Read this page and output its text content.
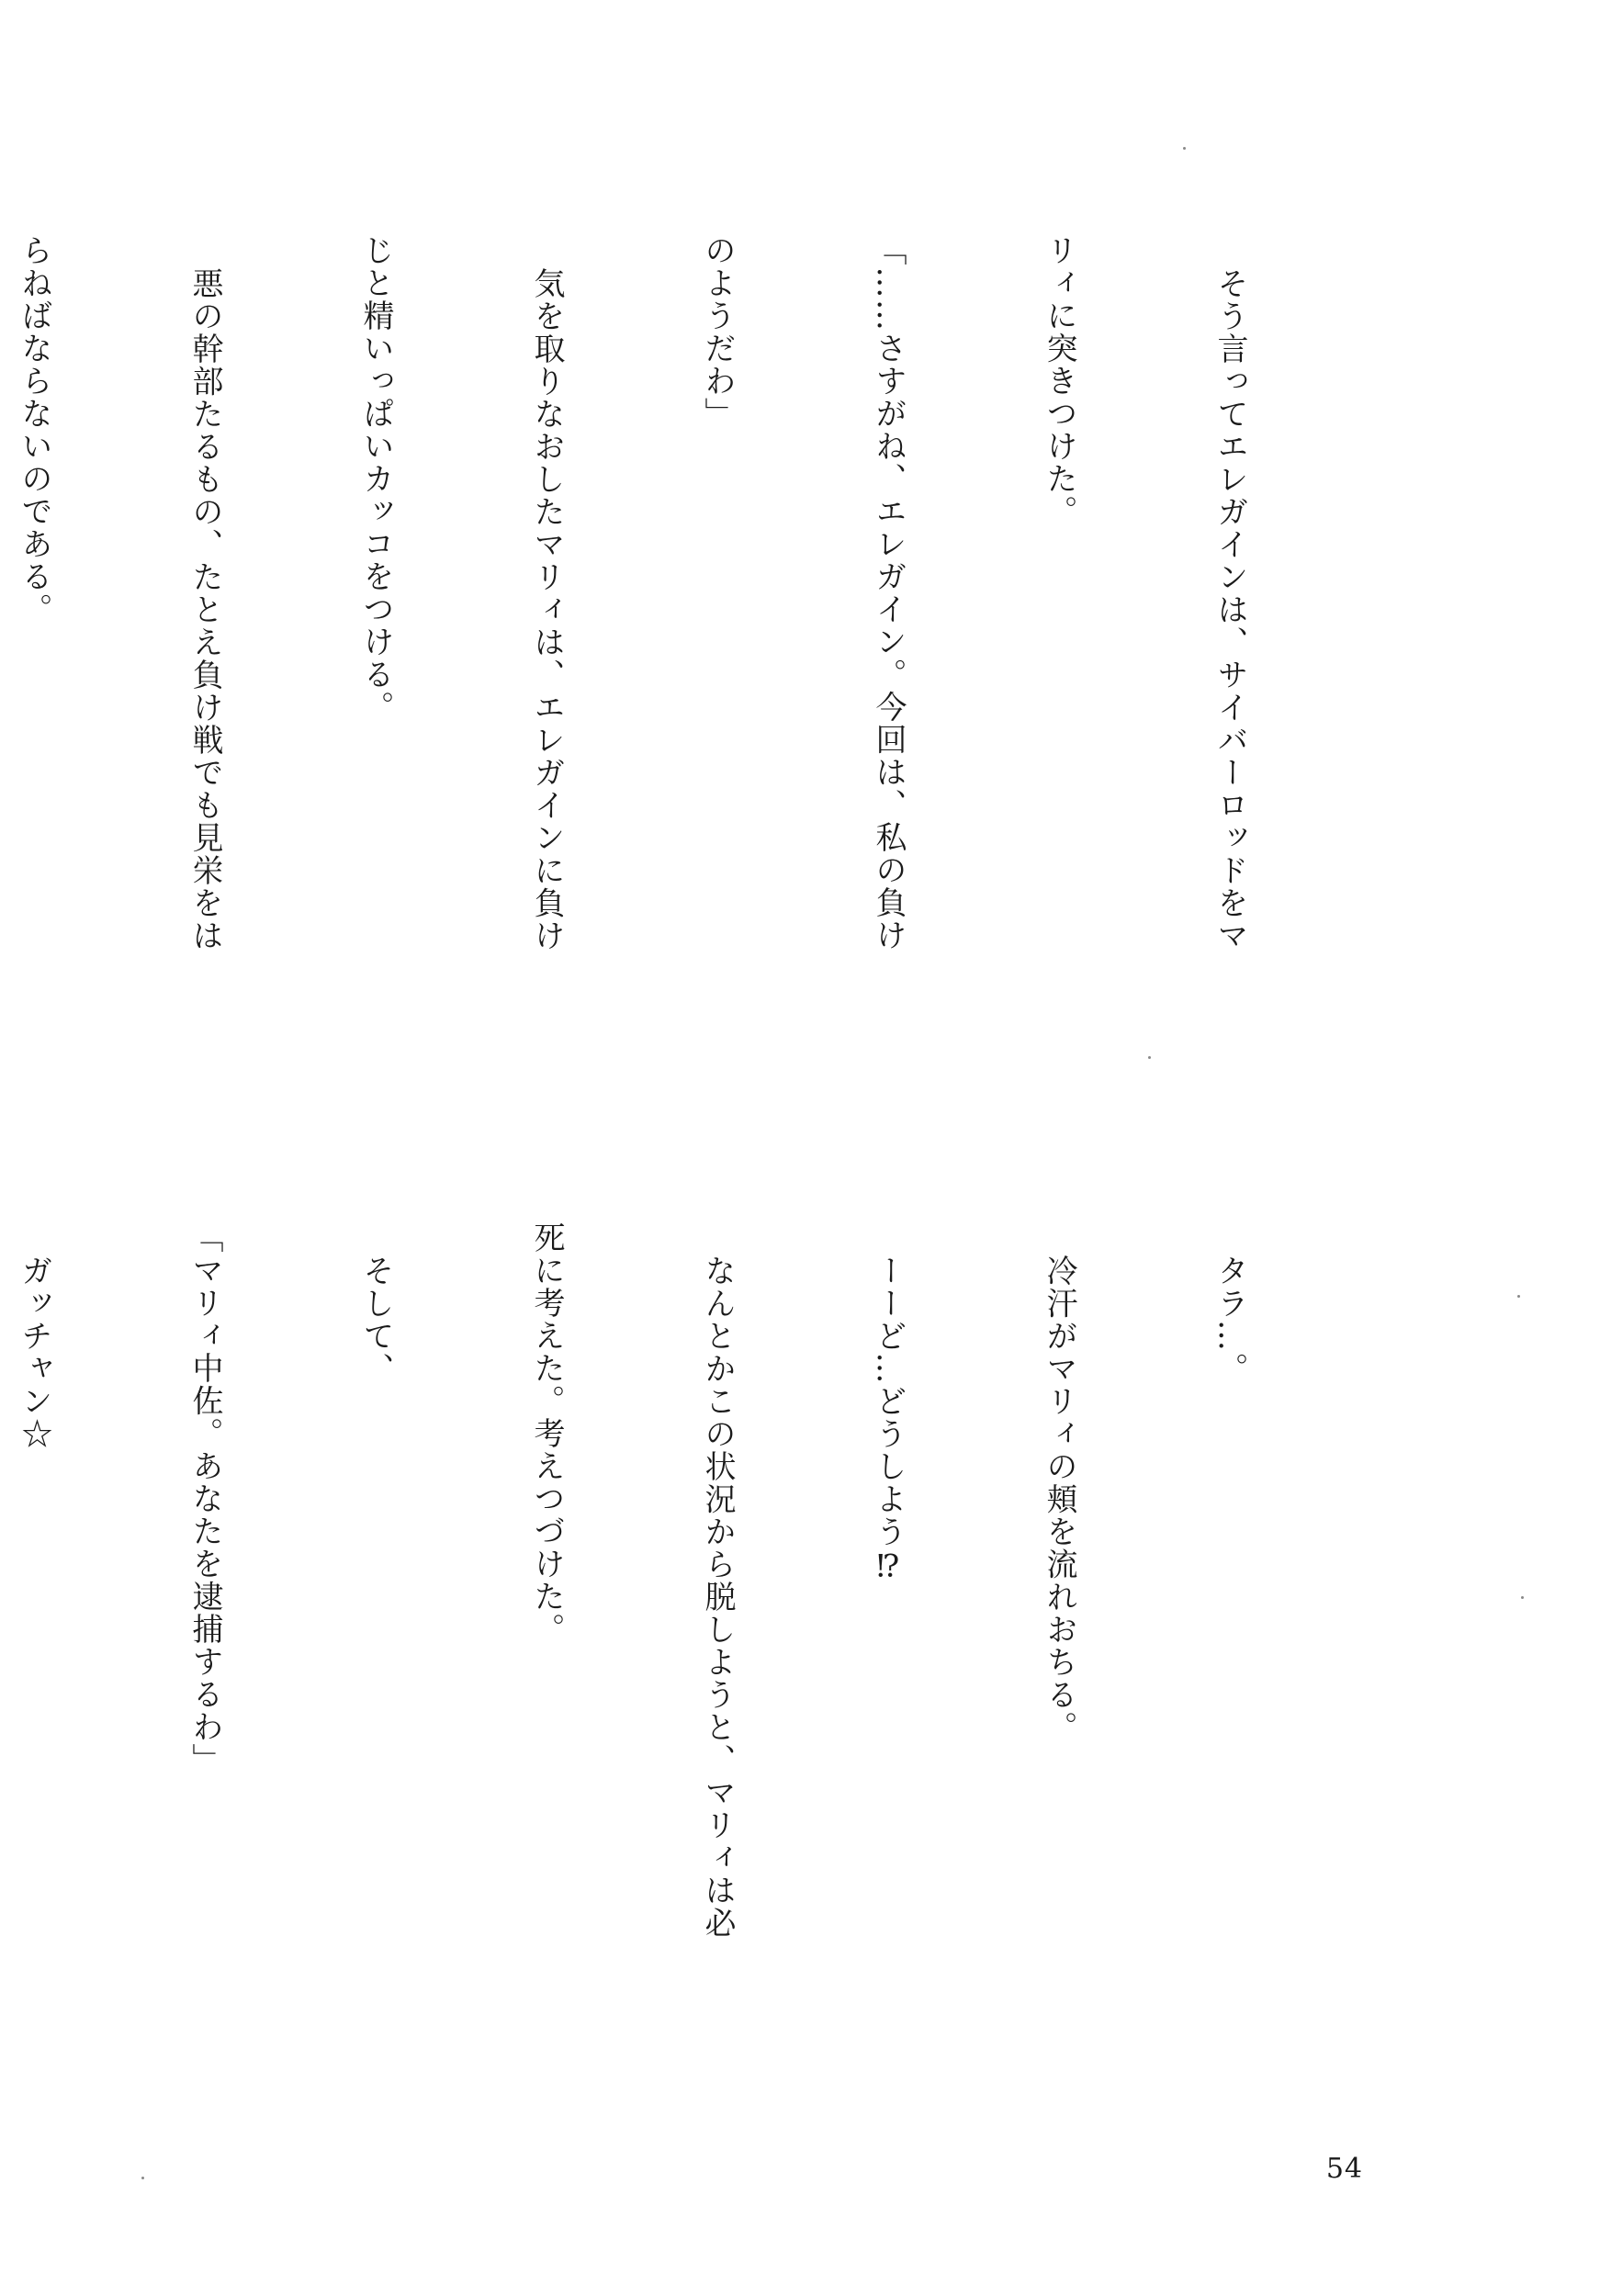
そう言ってエレガインは、サイバーロッドをマ

リィに突きつけた。

「……さすがね、エレガイン。今回は、私の負け

のようだわ」

気を取りなおしたマリィは、エレガインに負け

じと精いっぱいカッコをつける。

悪の幹部たるもの、たとえ負け戦でも見栄をは

らねばならないのである。

タラ…。

冷汗がマリィの頬を流れおちる。

ーーど…どうしよう⁉

なんとかこの状況から脱しようと、マリィは必

死に考えた。考えつづけた。

そして、

「マリィ中佐。あなたを逮捕するわ」

ガッチャン☆

54
